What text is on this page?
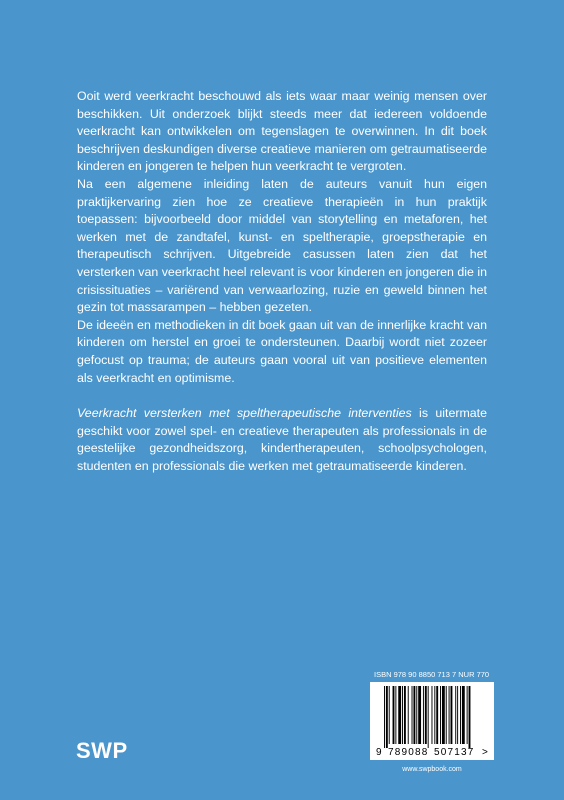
Ooit werd veerkracht beschouwd als iets waar maar weinig mensen over beschikken. Uit onderzoek blijkt steeds meer dat iedereen voldoende veerkracht kan ontwikkelen om tegenslagen te overwinnen. In dit boek beschrijven deskundigen diverse creatieve manieren om getraumatiseerde kinderen en jongeren te helpen hun veerkracht te vergroten.

Na een algemene inleiding laten de auteurs vanuit hun eigen praktijkervaring zien hoe ze creatieve therapieën in hun praktijk toepassen: bijvoorbeeld door middel van storytelling en metaforen, het werken met de zandtafel, kunst- en speltherapie, groepstherapie en therapeutisch schrijven. Uitgebreide casussen laten zien dat het versterken van veerkracht heel relevant is voor kinderen en jongeren die in crisissituaties – variërend van verwaarlozing, ruzie en geweld binnen het gezin tot massarampen – hebben gezeten.

De ideeën en methodieken in dit boek gaan uit van de innerlijke kracht van kinderen om herstel en groei te ondersteunen. Daarbij wordt niet zozeer gefocust op trauma; de auteurs gaan vooral uit van positieve elementen als veerkracht en optimisme.

Veerkracht versterken met speltherapeutische interventies is uitermate geschikt voor zowel spel- en creatieve therapeuten als professionals in de geestelijke gezondheidszorg, kindertherapeuten, schoolpsychologen, studenten en professionals die werken met getraumatiseerde kinderen.

SWP
ISBN 978 90 8850 713 7 NUR 770
9 789088 507137 >
www.swpbook.com
